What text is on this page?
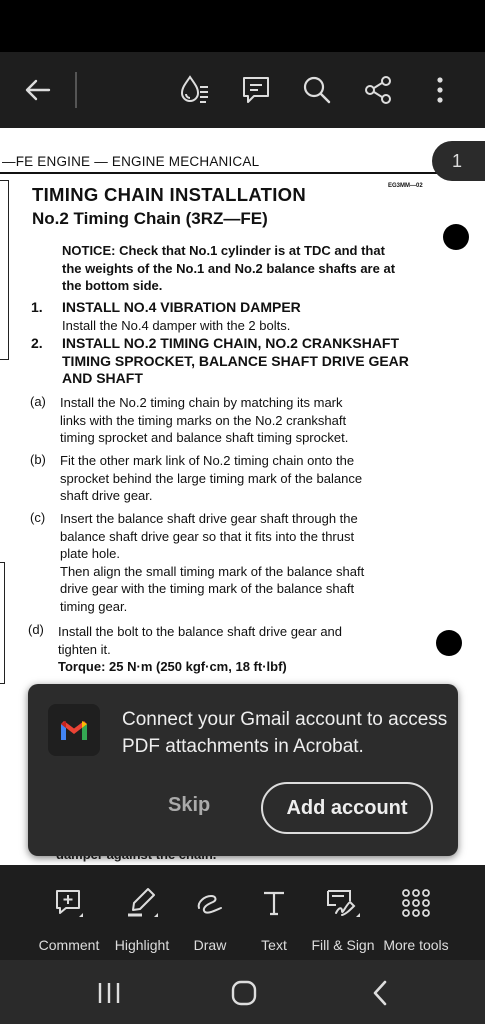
—FE ENGINE — ENGINE MECHANICAL
EG3MM—02
TIMING CHAIN INSTALLATION
No.2 Timing Chain (3RZ—FE)
NOTICE: Check that No.1 cylinder is at TDC and that
the weights of the No.1 and No.2 balance shafts are at
the bottom side.
1. INSTALL NO.4 VIBRATION DAMPER
Install the No.4 damper with the 2 bolts.
2. INSTALL NO.2 TIMING CHAIN, NO.2 CRANKSHAFT
TIMING SPROCKET, BALANCE SHAFT DRIVE GEAR
AND SHAFT
(a) Install the No.2 timing chain by matching its mark
links with the timing marks on the No.2 crankshaft
timing sprocket and balance shaft timing sprocket.
(b) Fit the other mark link of No.2 timing chain onto the
sprocket behind the large timing mark of the balance
shaft drive gear.
(c) Insert the balance shaft drive gear shaft through the
balance shaft drive gear so that it fits into the thrust
plate hole.
Then align the small timing mark of the balance shaft
drive gear with the timing mark of the balance shaft
timing gear.
(d) Install the bolt to the balance shaft drive gear and
tighten it.
Torque: 25 N·m (250 kgf·cm, 18 ft·lbf)
1
Connect your Gmail account to access PDF attachments in Acrobat.
Skip	Add account
Comment Highlight Draw Text Fill & Sign More tools
